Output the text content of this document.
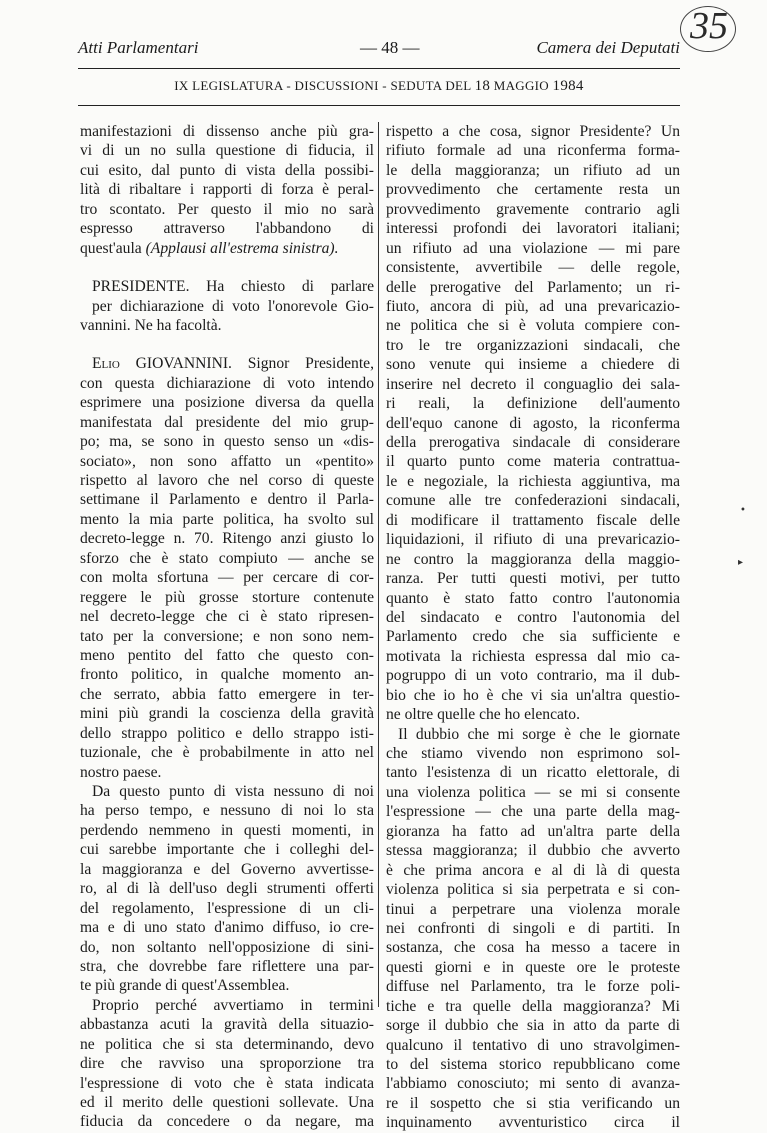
Atti Parlamentari	— 48 —	Camera dei Deputati
35
IX LEGISLATURA - DISCUSSIONI - SEDUTA DEL 18 MAGGIO 1984
manifestazioni di dissenso anche più gra-
vi di un no sulla questione di fiducia, il
cui esito, dal punto di vista della possibi-
lità di ribaltare i rapporti di forza è peral-
tro scontato. Per questo il mio no sarà
espresso attraverso l'abbandono di
quest'aula (Applausi all'estrema sinistra).
PRESIDENTE. Ha chiesto di parlare
per dichiarazione di voto l'onorevole Gio-
vannini. Ne ha facoltà.
Elio GIOVANNINI. Signor Presidente,
con questa dichiarazione di voto intendo
esprimere una posizione diversa da quella
manifestata dal presidente del mio grup-
po; ma, se sono in questo senso un «dis-
sociato», non sono affatto un «pentito»
rispetto al lavoro che nel corso di queste
settimane il Parlamento e dentro il Parla-
mento la mia parte politica, ha svolto sul
decreto-legge n. 70. Ritengo anzi giusto lo
sforzo che è stato compiuto — anche se
con molta sfortuna — per cercare di cor-
reggere le più grosse storture contenute
nel decreto-legge che ci è stato ripresen-
tato per la conversione; e non sono nem-
meno pentito del fatto che questo con-
fronto politico, in qualche momento an-
che serrato, abbia fatto emergere in ter-
mini più grandi la coscienza della gravità
dello strappo politico e dello strappo isti-
tuzionale, che è probabilmente in atto nel
nostro paese.
Da questo punto di vista nessuno di noi
ha perso tempo, e nessuno di noi lo sta
perdendo nemmeno in questi momenti, in
cui sarebbe importante che i colleghi del-
la maggioranza e del Governo avvertisse-
ro, al di là dell'uso degli strumenti offerti
del regolamento, l'espressione di un cli-
ma e di uno stato d'animo diffuso, io cre-
do, non soltanto nell'opposizione di sini-
stra, che dovrebbe fare riflettere una par-
te più grande di quest'Assemblea.
Proprio perché avvertiamo in termini
abbastanza acuti la gravità della situazio-
ne politica che si sta determinando, devo
dire che ravviso una sproporzione tra
l'espressione di voto che è stata indicata
ed il merito delle questioni sollevate. Una
fiducia da concedere o da negare, ma
rispetto a che cosa, signor Presidente? Un
rifiuto formale ad una riconferma forma-
le della maggioranza; un rifiuto ad un
provvedimento che certamente resta un
provvedimento gravemente contrario agli
interessi profondi dei lavoratori italiani;
un rifiuto ad una violazione — mi pare
consistente, avvertibile — delle regole,
delle prerogative del Parlamento; un ri-
fiuto, ancora di più, ad una prevaricazio-
ne politica che si è voluta compiere con-
tro le tre organizzazioni sindacali, che
sono venute qui insieme a chiedere di
inserire nel decreto il conguaglio dei sala-
ri reali, la definizione dell'aumento
dell'equo canone di agosto, la riconferma
della prerogativa sindacale di considerare
il quarto punto come materia contrattua-
le e negoziale, la richiesta aggiuntiva, ma
comune alle tre confederazioni sindacali,
di modificare il trattamento fiscale delle
liquidazioni, il rifiuto di una prevaricazio-
ne contro la maggioranza della maggio-
ranza. Per tutti questi motivi, per tutto
quanto è stato fatto contro l'autonomia
del sindacato e contro l'autonomia del
Parlamento credo che sia sufficiente e
motivata la richiesta espressa dal mio ca-
pogruppo di un voto contrario, ma il dub-
bio che io ho è che vi sia un'altra questio-
ne oltre quelle che ho elencato.
Il dubbio che mi sorge è che le giornate
che stiamo vivendo non esprimono sol-
tanto l'esistenza di un ricatto elettorale, di
una violenza politica — se mi si consente
l'espressione — che una parte della mag-
gioranza ha fatto ad un'altra parte della
stessa maggioranza; il dubbio che avverto
è che prima ancora e al di là di questa
violenza politica si sia perpetrata e si con-
tinui a perpetrare una violenza morale
nei confronti di singoli e di partiti. In
sostanza, che cosa ha messo a tacere in
questi giorni e in queste ore le proteste
diffuse nel Parlamento, tra le forze poli-
tiche e tra quelle della maggioranza? Mi
sorge il dubbio che sia in atto da parte di
qualcuno il tentativo di uno stravolgimen-
to del sistema storico repubblicano come
l'abbiamo conosciuto; mi sento di avanza-
re il sospetto che si stia verificando un
inquinamento avventuristico circa il
•
▸
